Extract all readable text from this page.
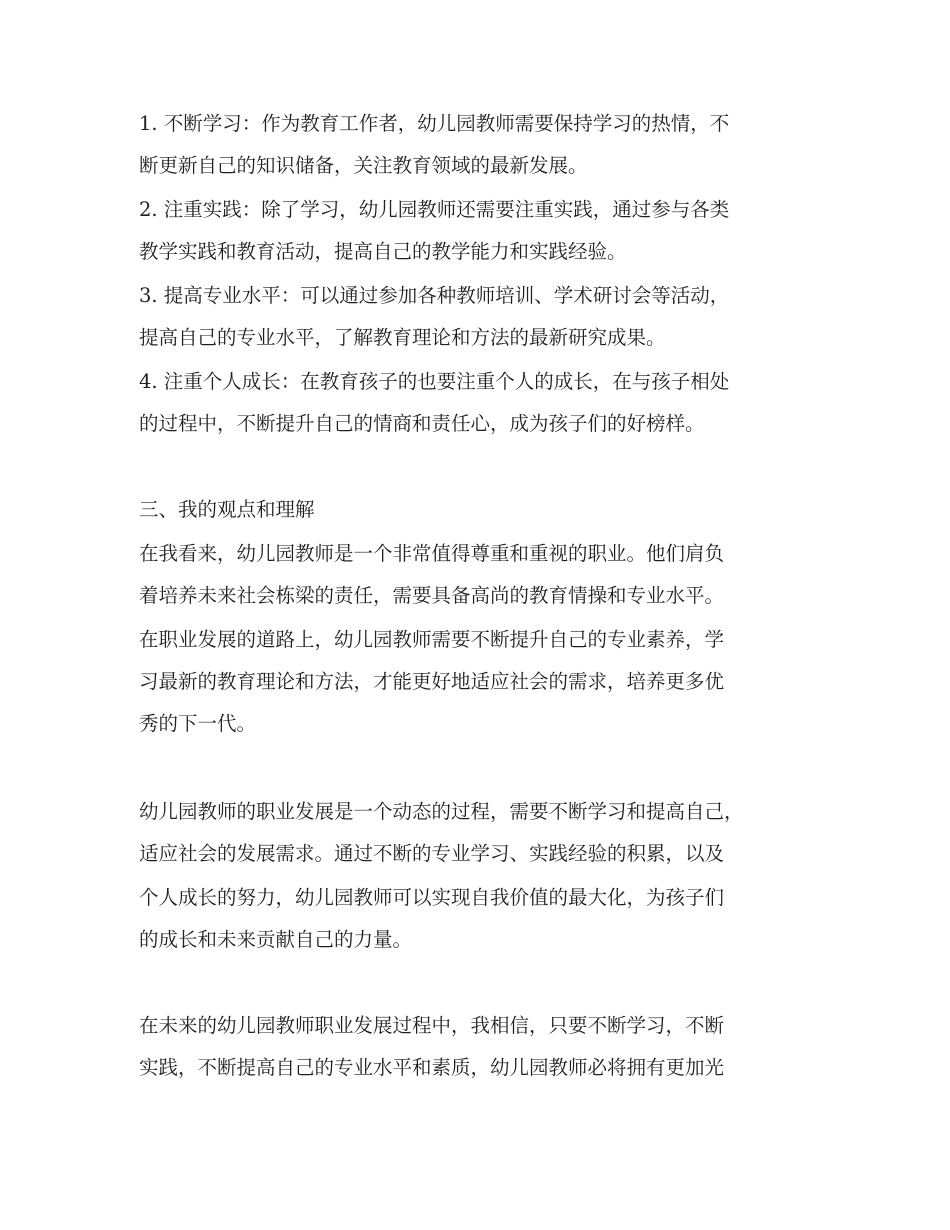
1. 不断学习：作为教育工作者，幼儿园教师需要保持学习的热情，不

断更新自己的知识储备，关注教育领域的最新发展。

2. 注重实践：除了学习，幼儿园教师还需要注重实践，通过参与各类

教学实践和教育活动，提高自己的教学能力和实践经验。

3. 提高专业水平：可以通过参加各种教师培训、学术研讨会等活动，

提高自己的专业水平，了解教育理论和方法的最新研究成果。

4. 注重个人成长：在教育孩子的也要注重个人的成长，在与孩子相处

的过程中，不断提升自己的情商和责任心，成为孩子们的好榜样。

三、我的观点和理解

在我看来，幼儿园教师是一个非常值得尊重和重视的职业。他们肩负

着培养未来社会栋梁的责任，需要具备高尚的教育情操和专业水平。

在职业发展的道路上，幼儿园教师需要不断提升自己的专业素养，学

习最新的教育理论和方法，才能更好地适应社会的需求，培养更多优

秀的下一代。

幼儿园教师的职业发展是一个动态的过程，需要不断学习和提高自己，

适应社会的发展需求。通过不断的专业学习、实践经验的积累，以及

个人成长的努力，幼儿园教师可以实现自我价值的最大化，为孩子们

的成长和未来贡献自己的力量。

在未来的幼儿园教师职业发展过程中，我相信，只要不断学习，不断

实践，不断提高自己的专业水平和素质，幼儿园教师必将拥有更加光
